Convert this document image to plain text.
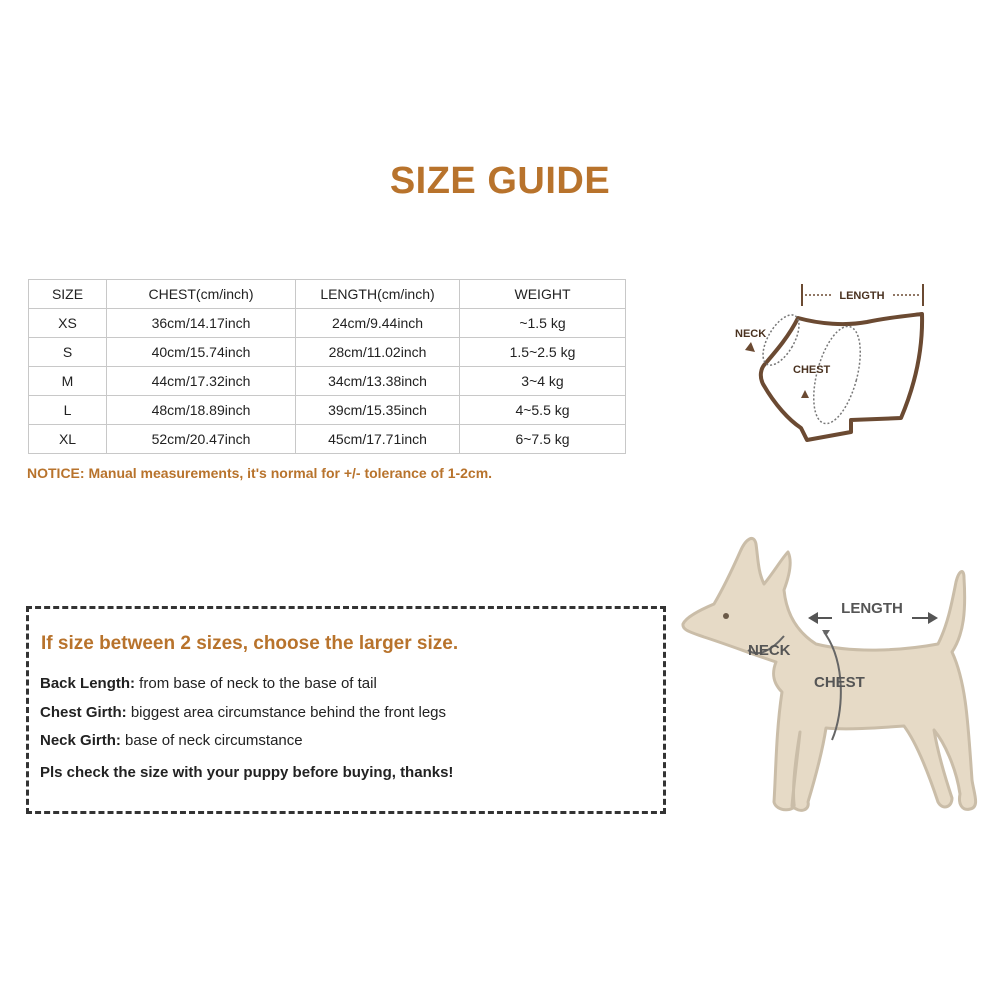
SIZE GUIDE
SIZE	CHEST(cm/inch)	LENGTH(cm/inch)	WEIGHT
XS	36cm/14.17inch	24cm/9.44inch	~1.5 kg
S	40cm/15.74inch	28cm/11.02inch	1.5~2.5 kg
M	44cm/17.32inch	34cm/13.38inch	3~4 kg
L	48cm/18.89inch	39cm/15.35inch	4~5.5 kg
XL	52cm/20.47inch	45cm/17.71inch	6~7.5 kg
NOTICE: Manual measurements, it's normal for +/- tolerance of 1-2cm.
LENGTH
NECK
CHEST
If size between 2 sizes, choose the larger size.
Back Length: from base of neck to the base of tail
Chest Girth: biggest area circumstance behind the front legs
Neck Girth: base of neck circumstance
Pls check the size with your puppy before buying, thanks!
LENGTH
NECK
CHEST
